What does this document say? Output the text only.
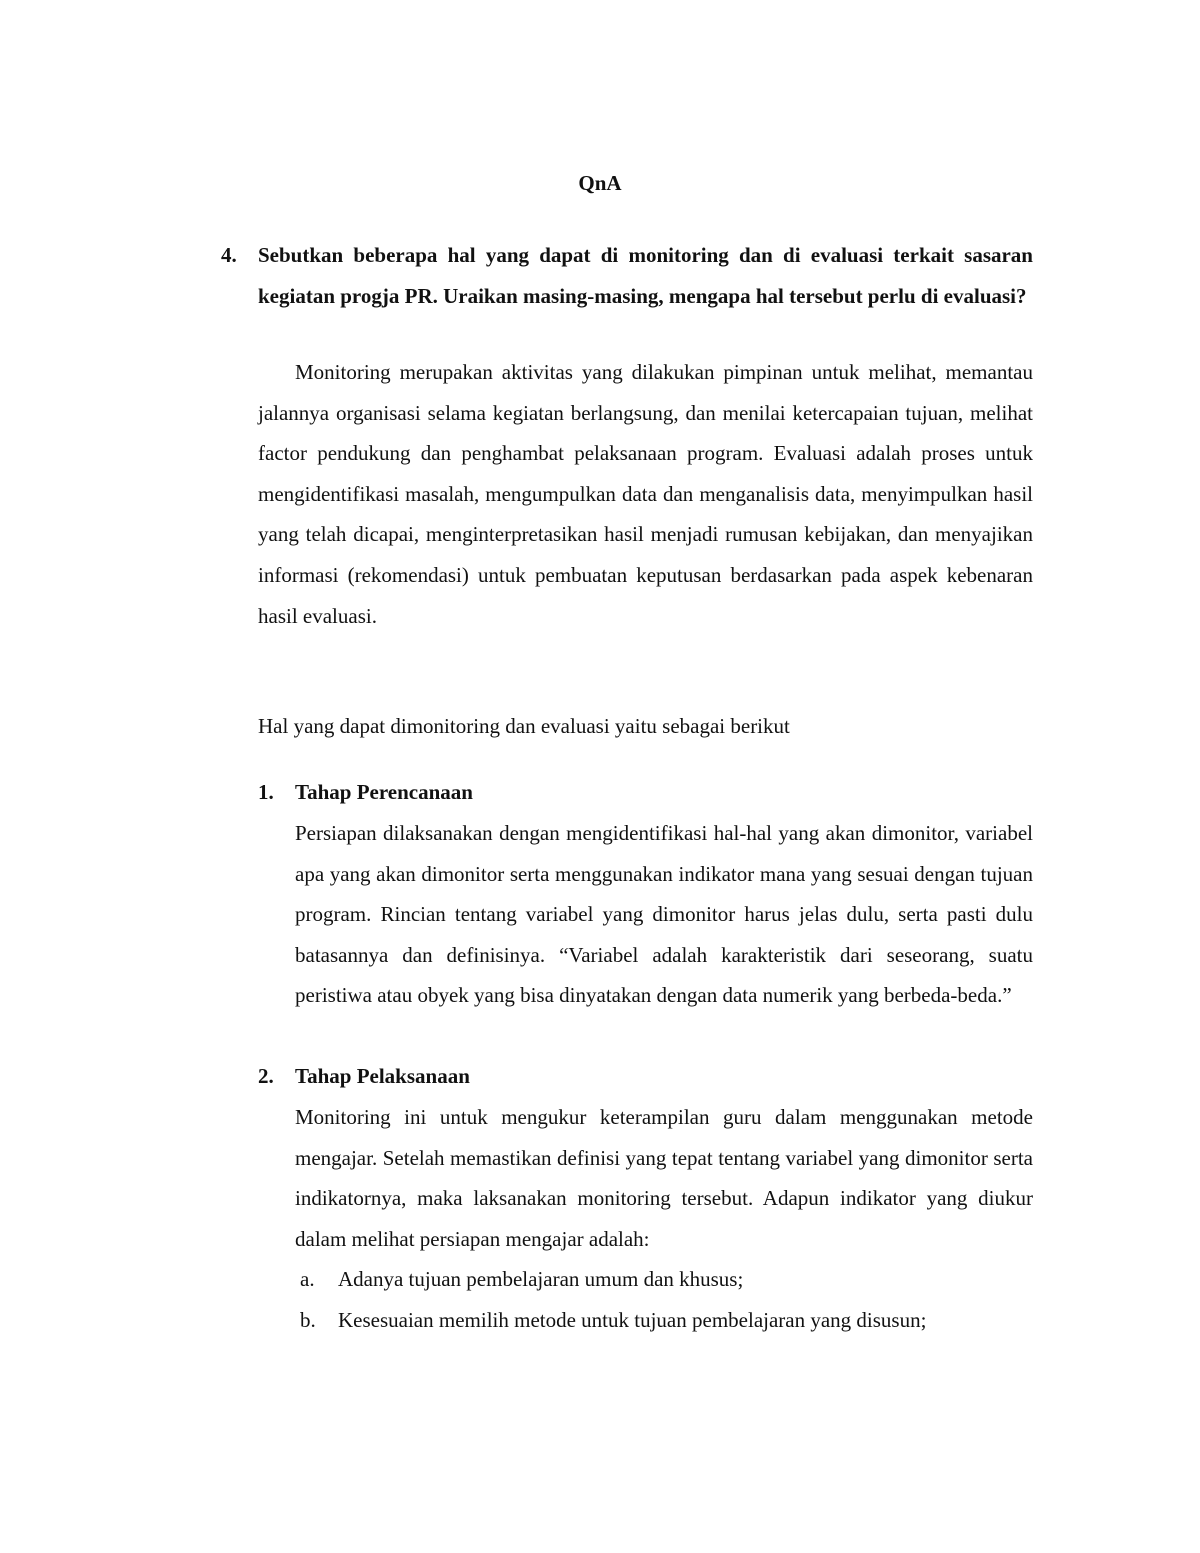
QnA
4. Sebutkan beberapa hal yang dapat di monitoring dan di evaluasi terkait sasaran kegiatan progja PR. Uraikan masing-masing, mengapa hal tersebut perlu di evaluasi?

Monitoring merupakan aktivitas yang dilakukan pimpinan untuk melihat, memantau jalannya organisasi selama kegiatan berlangsung, dan menilai ketercapaian tujuan, melihat factor pendukung dan penghambat pelaksanaan program. Evaluasi adalah proses untuk mengidentifikasi masalah, mengumpulkan data dan menganalisis data, menyimpulkan hasil yang telah dicapai, menginterpretasikan hasil menjadi rumusan kebijakan, dan menyajikan informasi (rekomendasi) untuk pembuatan keputusan berdasarkan pada aspek kebenaran hasil evaluasi.

Hal yang dapat dimonitoring dan evaluasi yaitu sebagai berikut
1. Tahap Perencanaan

Persiapan dilaksanakan dengan mengidentifikasi hal-hal yang akan dimonitor, variabel apa yang akan dimonitor serta menggunakan indikator mana yang sesuai dengan tujuan program. Rincian tentang variabel yang dimonitor harus jelas dulu, serta pasti dulu batasannya dan definisinya. “Variabel adalah karakteristik dari seseorang, suatu peristiwa atau obyek yang bisa dinyatakan dengan data numerik yang berbeda-beda.”

2. Tahap Pelaksanaan

Monitoring ini untuk mengukur keterampilan guru dalam menggunakan metode mengajar. Setelah memastikan definisi yang tepat tentang variabel yang dimonitor serta indikatornya, maka laksanakan monitoring tersebut. Adapun indikator yang diukur dalam melihat persiapan mengajar adalah:

a. Adanya tujuan pembelajaran umum dan khusus;
b. Kesesuaian memilih metode untuk tujuan pembelajaran yang disusun;
